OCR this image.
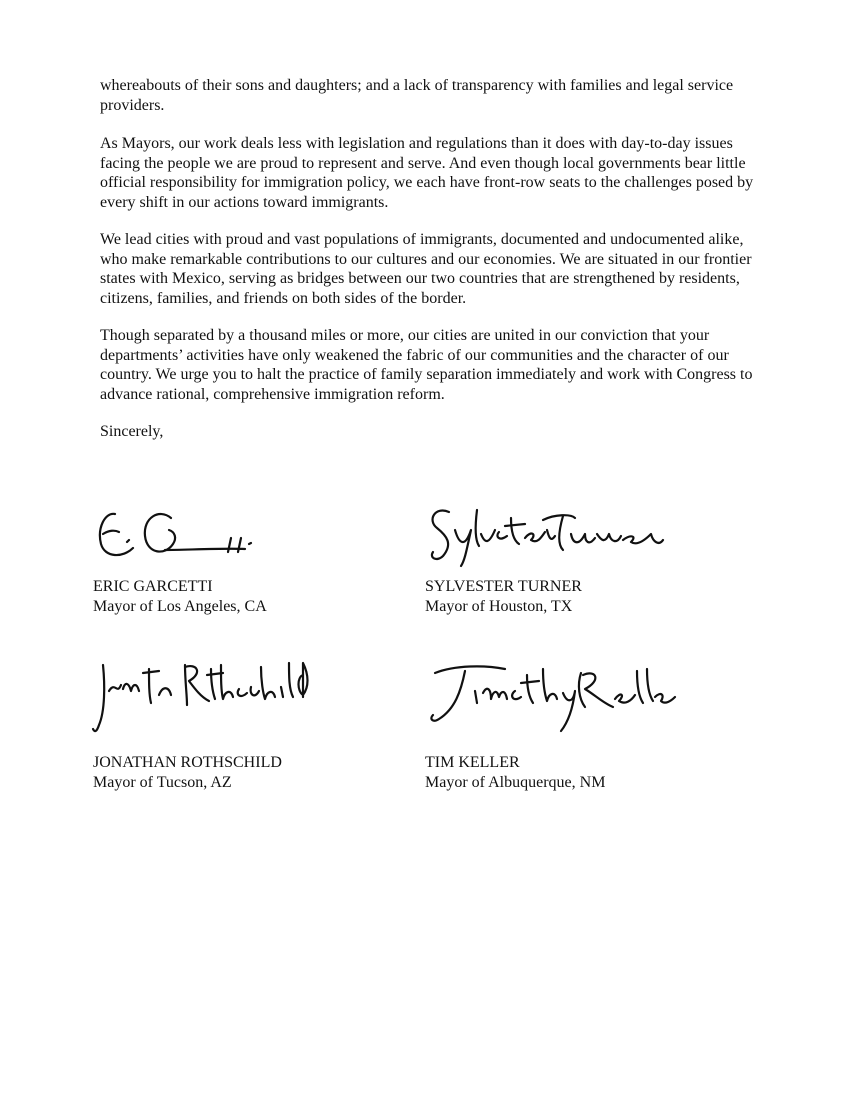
whereabouts of their sons and daughters; and a lack of transparency with families and legal service providers.

As Mayors, our work deals less with legislation and regulations than it does with day-to-day issues facing the people we are proud to represent and serve. And even though local governments bear little official responsibility for immigration policy, we each have front-row seats to the challenges posed by every shift in our actions toward immigrants.

We lead cities with proud and vast populations of immigrants, documented and undocumented alike, who make remarkable contributions to our cultures and our economies. We are situated in our frontier states with Mexico, serving as bridges between our two countries that are strengthened by residents, citizens, families, and friends on both sides of the border.

Though separated by a thousand miles or more, our cities are united in our conviction that your departments’ activities have only weakened the fabric of our communities and the character of our country. We urge you to halt the practice of family separation immediately and work with Congress to advance rational, comprehensive immigration reform.

Sincerely,

ERIC GARCETTI
Mayor of Los Angeles, CA
SYLVESTER TURNER
Mayor of Houston, TX
JONATHAN ROTHSCHILD
Mayor of Tucson, AZ
TIM KELLER
Mayor of Albuquerque, NM
